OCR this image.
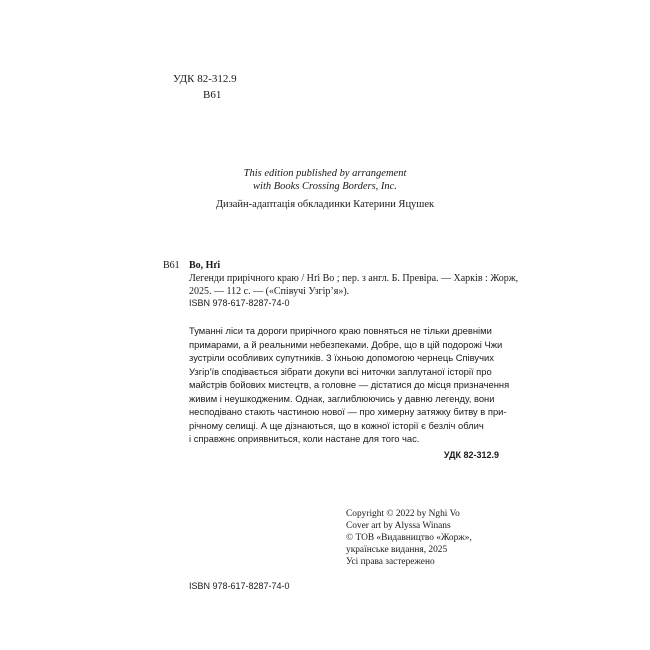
УДК 82-312.9
В61
This edition published by arrangement
with Books Crossing Borders, Inc.
Дизайн-адаптація обкладинки Катерини Яцушек
В61 Во, Нґі
Легенди прирічного краю / Нґі Во ; пер. з англ. Б. Превіра. — Харків : Жорж,
2025. — 112 с. — («Співучі Узгір’я»).
ISBN 978-617-8287-74-0
Туманні ліси та дороги прирічного краю повняться не тільки древніми
примарами, а й реальними небезпеками. Добре, що в цій подорожі Чжи
зустріли особливих супутників. З їхньою допомогою чернець Співучих
Узгір’їв сподівається зібрати докупи всі ниточки заплутаної історії про
майстрів бойових мистецтв, а головне — дістатися до місця призначення
живим і неушкодженим. Однак, заглиблюючись у давню легенду, вони
несподівано стають частиною нової — про химерну затяжку битву в при-
річному селищі. А ще дізнаються, що в кожної історії є безліч облич
і справжнє оприявниться, коли настане для того час.
УДК 82-312.9
Copyright © 2022 by Nghi Vo
Cover art by Alyssa Winans
© ТОВ «Видавництво «Жорж»,
українське видання, 2025
Усі права застережено
ISBN 978-617-8287-74-0
